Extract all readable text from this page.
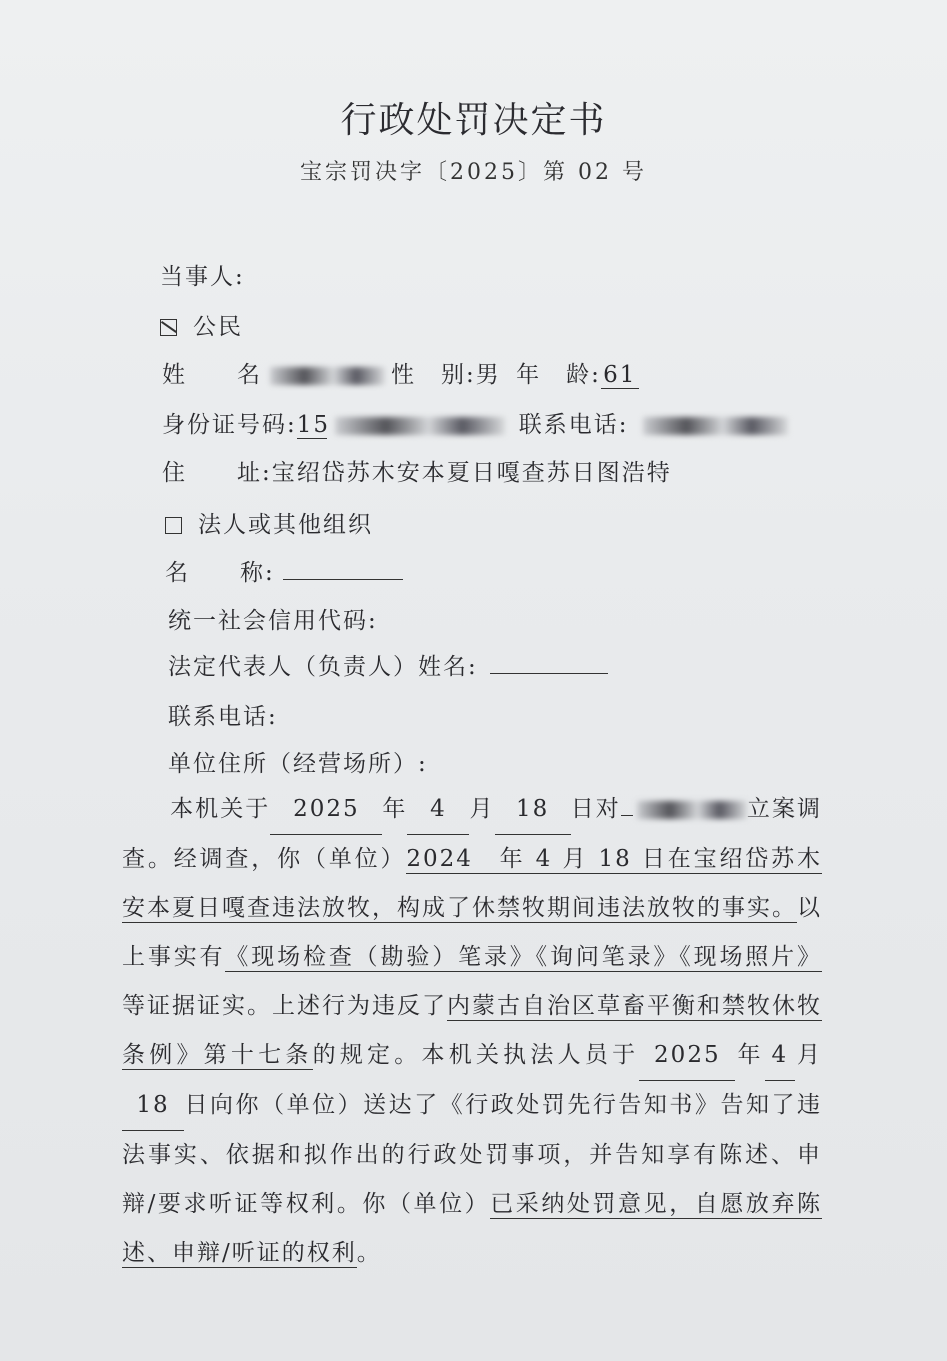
行政处罚决定书
宝宗罚决字〔2025〕第 02 号
当事人:
公民
姓　　名	性　别:男 年　龄: 61
身份证号码:15	联系电话:
住　　址:宝绍岱苏木安本夏日嘎查苏日图浩特
法人或其他组织
名　　称:
统一社会信用代码:
法定代表人（负责人）姓名:
联系电话:
单位住所（经营场所）:
本机关于 2025 年 4 月 18 日对	立案调查。经调查，你（单位）2024　年 4 月 18 日在宝绍岱苏木安本夏日嘎查违法放牧，构成了休禁牧期间违法放牧的事实。以上事实有《现场检查（勘验）笔录》《询问笔录》《现场照片》等证据证实。上述行为违反了内蒙古自治区草畜平衡和禁牧休牧条例》第十七条的规定。本机关执法人员于 2025 年 4 月18 日向你（单位）送达了《行政处罚先行告知书》告知了违法事实、依据和拟作出的行政处罚事项，并告知享有陈述、申辩/要求听证等权利。你（单位）已采纳处罚意见，自愿放弃陈述、申辩/听证的权利。
